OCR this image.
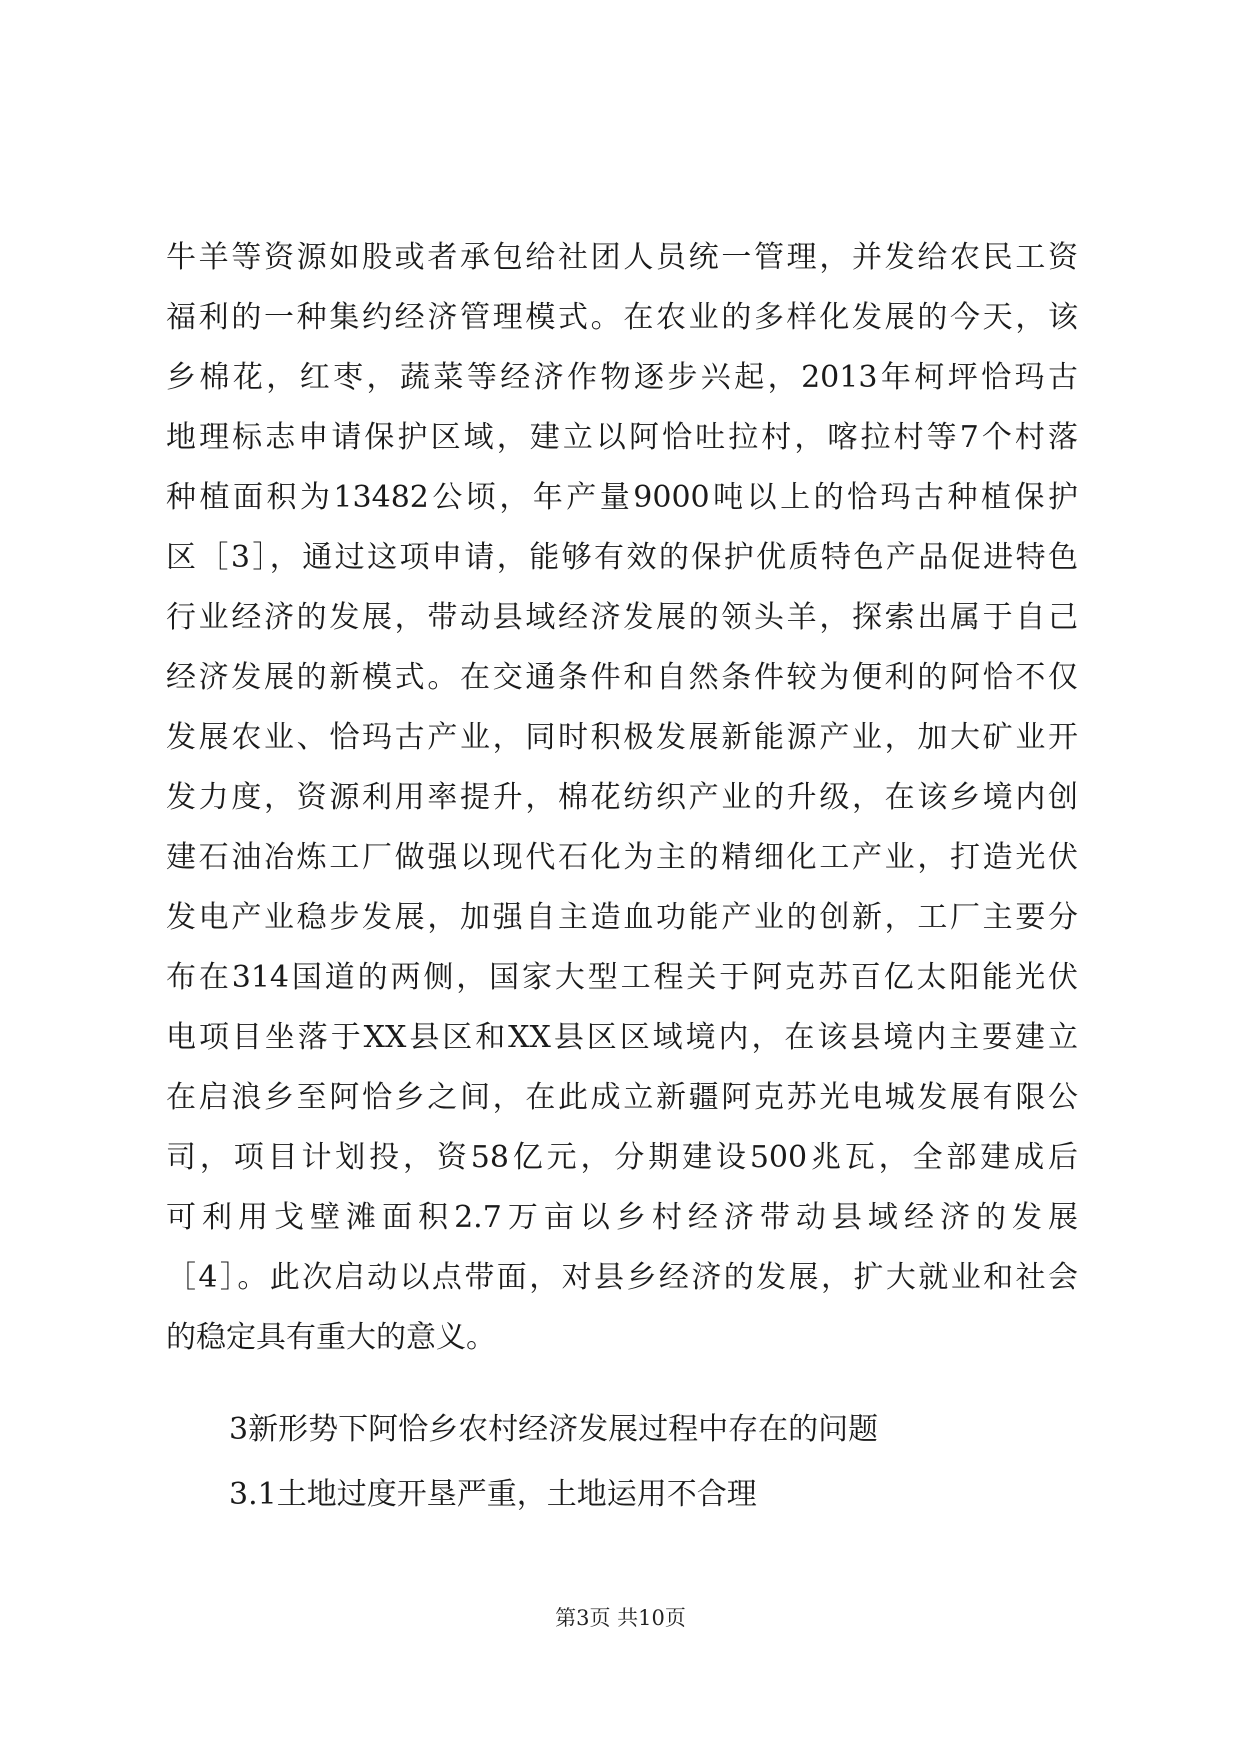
牛羊等资源如股或者承包给社团人员统一管理，并发给农民工资

福利的一种集约经济管理模式。在农业的多样化发展的今天，该

乡棉花，红枣，蔬菜等经济作物逐步兴起，2013年柯坪恰玛古

地理标志申请保护区域，建立以阿恰吐拉村，喀拉村等7个村落

种植面积为13482公顷，年产量9000吨以上的恰玛古种植保护

区［3］，通过这项申请，能够有效的保护优质特色产品促进特色

行业经济的发展，带动县域经济发展的领头羊，探索出属于自己

经济发展的新模式。在交通条件和自然条件较为便利的阿恰不仅

发展农业、恰玛古产业，同时积极发展新能源产业，加大矿业开

发力度，资源利用率提升，棉花纺织产业的升级，在该乡境内创

建石油冶炼工厂做强以现代石化为主的精细化工产业，打造光伏

发电产业稳步发展，加强自主造血功能产业的创新，工厂主要分

布在314国道的两侧，国家大型工程关于阿克苏百亿太阳能光伏

电项目坐落于XX县区和XX县区区域境内，在该县境内主要建立

在启浪乡至阿恰乡之间，在此成立新疆阿克苏光电城发展有限公

司，项目计划投，资58亿元，分期建设500兆瓦，全部建成后

可利用戈壁滩面积2.7万亩以乡村经济带动县域经济的发展

［4］。此次启动以点带面，对县乡经济的发展，扩大就业和社会

的稳定具有重大的意义。

3新形势下阿恰乡农村经济发展过程中存在的问题

3.1土地过度开垦严重，土地运用不合理

第3页 共10页
